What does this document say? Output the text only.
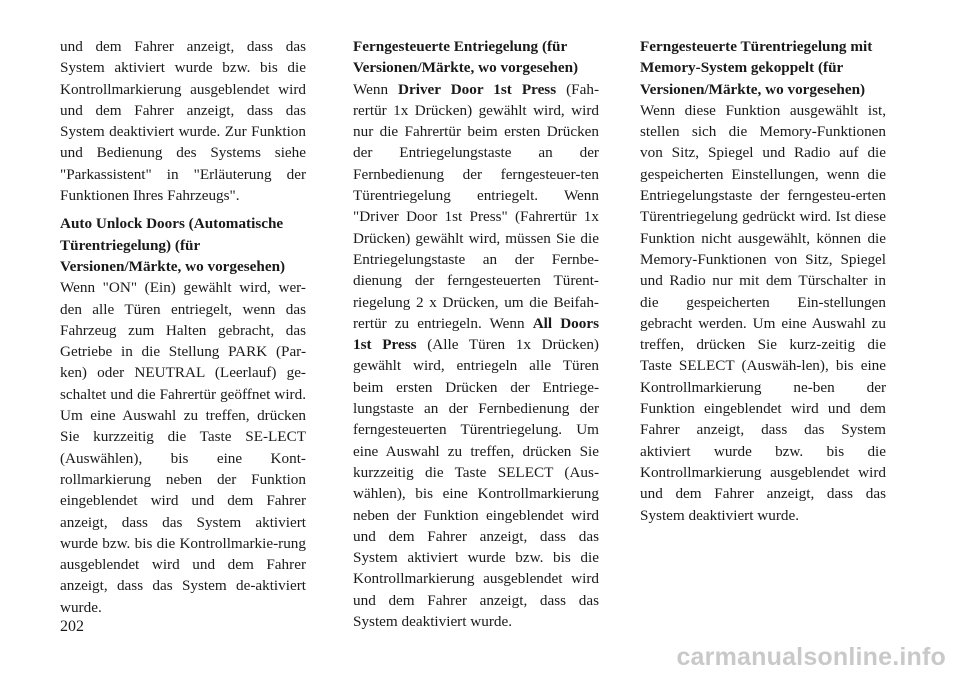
und dem Fahrer anzeigt, dass das System aktiviert wurde bzw. bis die Kontrollmarkierung ausgeblendet wird und dem Fahrer anzeigt, dass das System deaktiviert wurde. Zur Funktion und Bedienung des Systems siehe "Parkassistent" in "Erläuterung der Funktionen Ihres Fahrzeugs".

Auto Unlock Doors (Automatische Türentriegelung) (für Versionen/Märkte, wo vorgesehen)

Wenn "ON" (Ein) gewählt wird, wer-den alle Türen entriegelt, wenn das Fahrzeug zum Halten gebracht, das Getriebe in die Stellung PARK (Par-ken) oder NEUTRAL (Leerlauf) ge-schaltet und die Fahrertür geöffnet wird. Um eine Auswahl zu treffen, drücken Sie kurzzeitig die Taste SE-LECT (Auswählen), bis eine Kont-rollmarkierung neben der Funktion eingeblendet wird und dem Fahrer anzeigt, dass das System aktiviert wurde bzw. bis die Kontrollmarkie-rung ausgeblendet wird und dem Fahrer anzeigt, dass das System de-aktiviert wurde.

Ferngesteuerte Entriegelung (für Versionen/Märkte, wo vorgesehen)

Wenn Driver Door 1st Press (Fah-rertür 1x Drücken) gewählt wird, wird nur die Fahrertür beim ersten Drücken der Entriegelungstaste an der Fernbedienung der ferngesteuer-ten Türentriegelung entriegelt. Wenn "Driver Door 1st Press" (Fahrertür 1x Drücken) gewählt wird, müssen Sie die Entriegelungstaste an der Fernbe-dienung der ferngesteuerten Türent-riegelung 2 x Drücken, um die Beifah-rertür zu entriegeln. Wenn All Doors 1st Press (Alle Türen 1x Drücken) gewählt wird, entriegeln alle Türen beim ersten Drücken der Entriege-lungstaste an der Fernbedienung der ferngesteuerten Türentriegelung. Um eine Auswahl zu treffen, drücken Sie kurzzeitig die Taste SELECT (Aus-wählen), bis eine Kontrollmarkierung neben der Funktion eingeblendet wird und dem Fahrer anzeigt, dass das System aktiviert wurde bzw. bis die Kontrollmarkierung ausgeblendet wird und dem Fahrer anzeigt, dass das System deaktiviert wurde.

Ferngesteuerte Türentriegelung mit Memory-System gekoppelt (für Versionen/Märkte, wo vorgesehen)

Wenn diese Funktion ausgewählt ist, stellen sich die Memory-Funktionen von Sitz, Spiegel und Radio auf die gespeicherten Einstellungen, wenn die Entriegelungstaste der ferngesteu-erten Türentriegelung gedrückt wird. Ist diese Funktion nicht ausgewählt, können die Memory-Funktionen von Sitz, Spiegel und Radio nur mit dem Türschalter in die gespeicherten Ein-stellungen gebracht werden. Um eine Auswahl zu treffen, drücken Sie kurz-zeitig die Taste SELECT (Auswäh-len), bis eine Kontrollmarkierung ne-ben der Funktion eingeblendet wird und dem Fahrer anzeigt, dass das System aktiviert wurde bzw. bis die Kontrollmarkierung ausgeblendet wird und dem Fahrer anzeigt, dass das System deaktiviert wurde.

202
carmanualsonline.info
